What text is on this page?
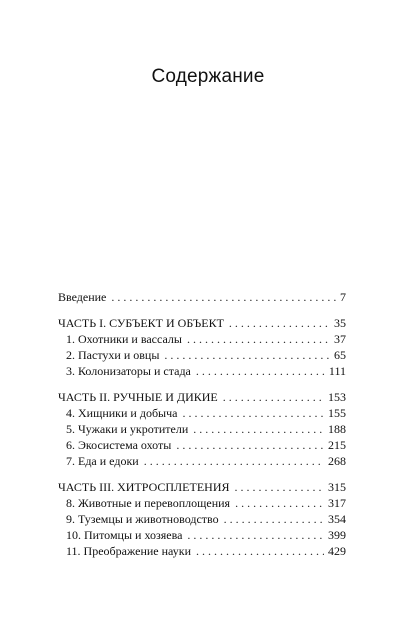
Содержание
Введение . . .	7
ЧАСТЬ I. СУБЪЕКТ И ОБЪЕКТ . . .	35
1. Охотники и вассалы . . .	37
2. Пастухи и овцы . . .	65
3. Колонизаторы и стада . . .	111
ЧАСТЬ II. РУЧНЫЕ И ДИКИЕ . . .	153
4. Хищники и добыча . . .	155
5. Чужаки и укротители . . .	188
6. Экосистема охоты . . .	215
7. Еда и едоки . . .	268
ЧАСТЬ III. ХИТРОСПЛЕТЕНИЯ . . .	315
8. Животные и перевоплощения . . .	317
9. Туземцы и животноводство . . .	354
10. Питомцы и хозяева . . .	399
11. Преображение науки . . .	429
